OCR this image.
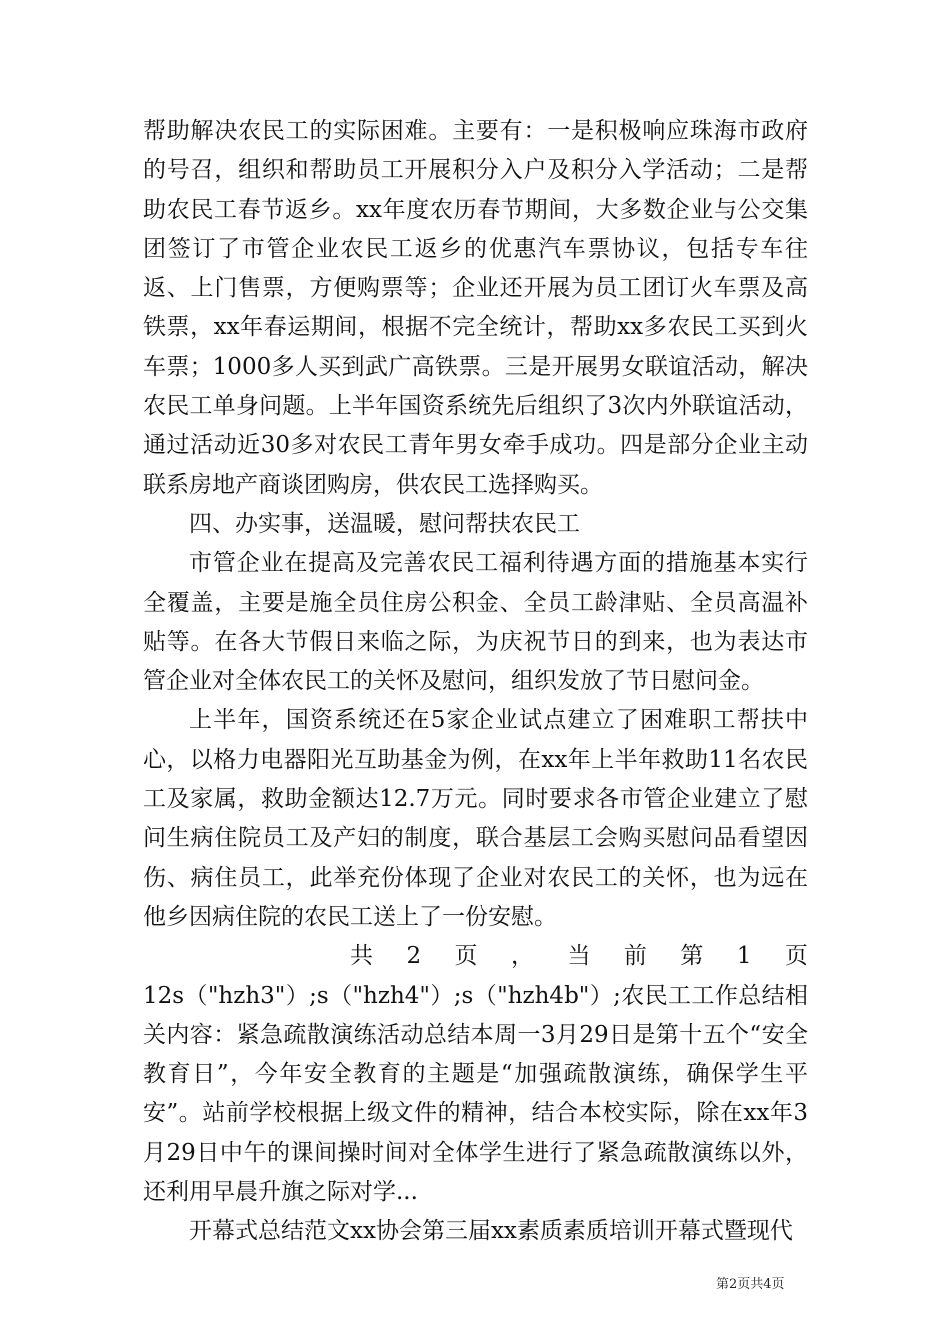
帮助解决农民工的实际困难。主要有：一是积极响应珠海市政府的号召，组织和帮助员工开展积分入户及积分入学活动；二是帮助农民工春节返乡。xx年度农历春节期间，大多数企业与公交集团签订了市管企业农民工返乡的优惠汽车票协议，包括专车往返、上门售票，方便购票等；企业还开展为员工团订火车票及高铁票，xx年春运期间，根据不完全统计，帮助xx多农民工买到火车票；1000多人买到武广高铁票。三是开展男女联谊活动，解决农民工单身问题。上半年国资系统先后组织了3次内外联谊活动，通过活动近30多对农民工青年男女牵手成功。四是部分企业主动联系房地产商谈团购房，供农民工选择购买。

四、办实事，送温暖，慰问帮扶农民工

市管企业在提高及完善农民工福利待遇方面的措施基本实行全覆盖，主要是施全员住房公积金、全员工龄津贴、全员高温补贴等。在各大节假日来临之际，为庆祝节日的到来，也为表达市管企业对全体农民工的关怀及慰问，组织发放了节日慰问金。

上半年，国资系统还在5家企业试点建立了困难职工帮扶中心，以格力电器阳光互助基金为例，在xx年上半年救助11名农民工及家属，救助金额达12.7万元。同时要求各市管企业建立了慰问生病住院员工及产妇的制度，联合基层工会购买慰问品看望因伤、病住员工，此举充份体现了企业对农民工的关怀，也为远在他乡因病住院的农民工送上了一份安慰。

共 2 页 ， 当 前 第 1 页

12s（"hzh3"）;s（"hzh4"）;s（"hzh4b"）;农民工工作总结相关内容：紧急疏散演练活动总结本周一3月29日是第十五个“安全教育日”，今年安全教育的主题是“加强疏散演练，确保学生平安”。站前学校根据上级文件的精神，结合本校实际，除在xx年3月29日中午的课间操时间对全体学生进行了紧急疏散演练以外，还利用早晨升旗之际对学...

开幕式总结范文xx协会第三届xx素质素质培训开幕式暨现代

第2页共4页
